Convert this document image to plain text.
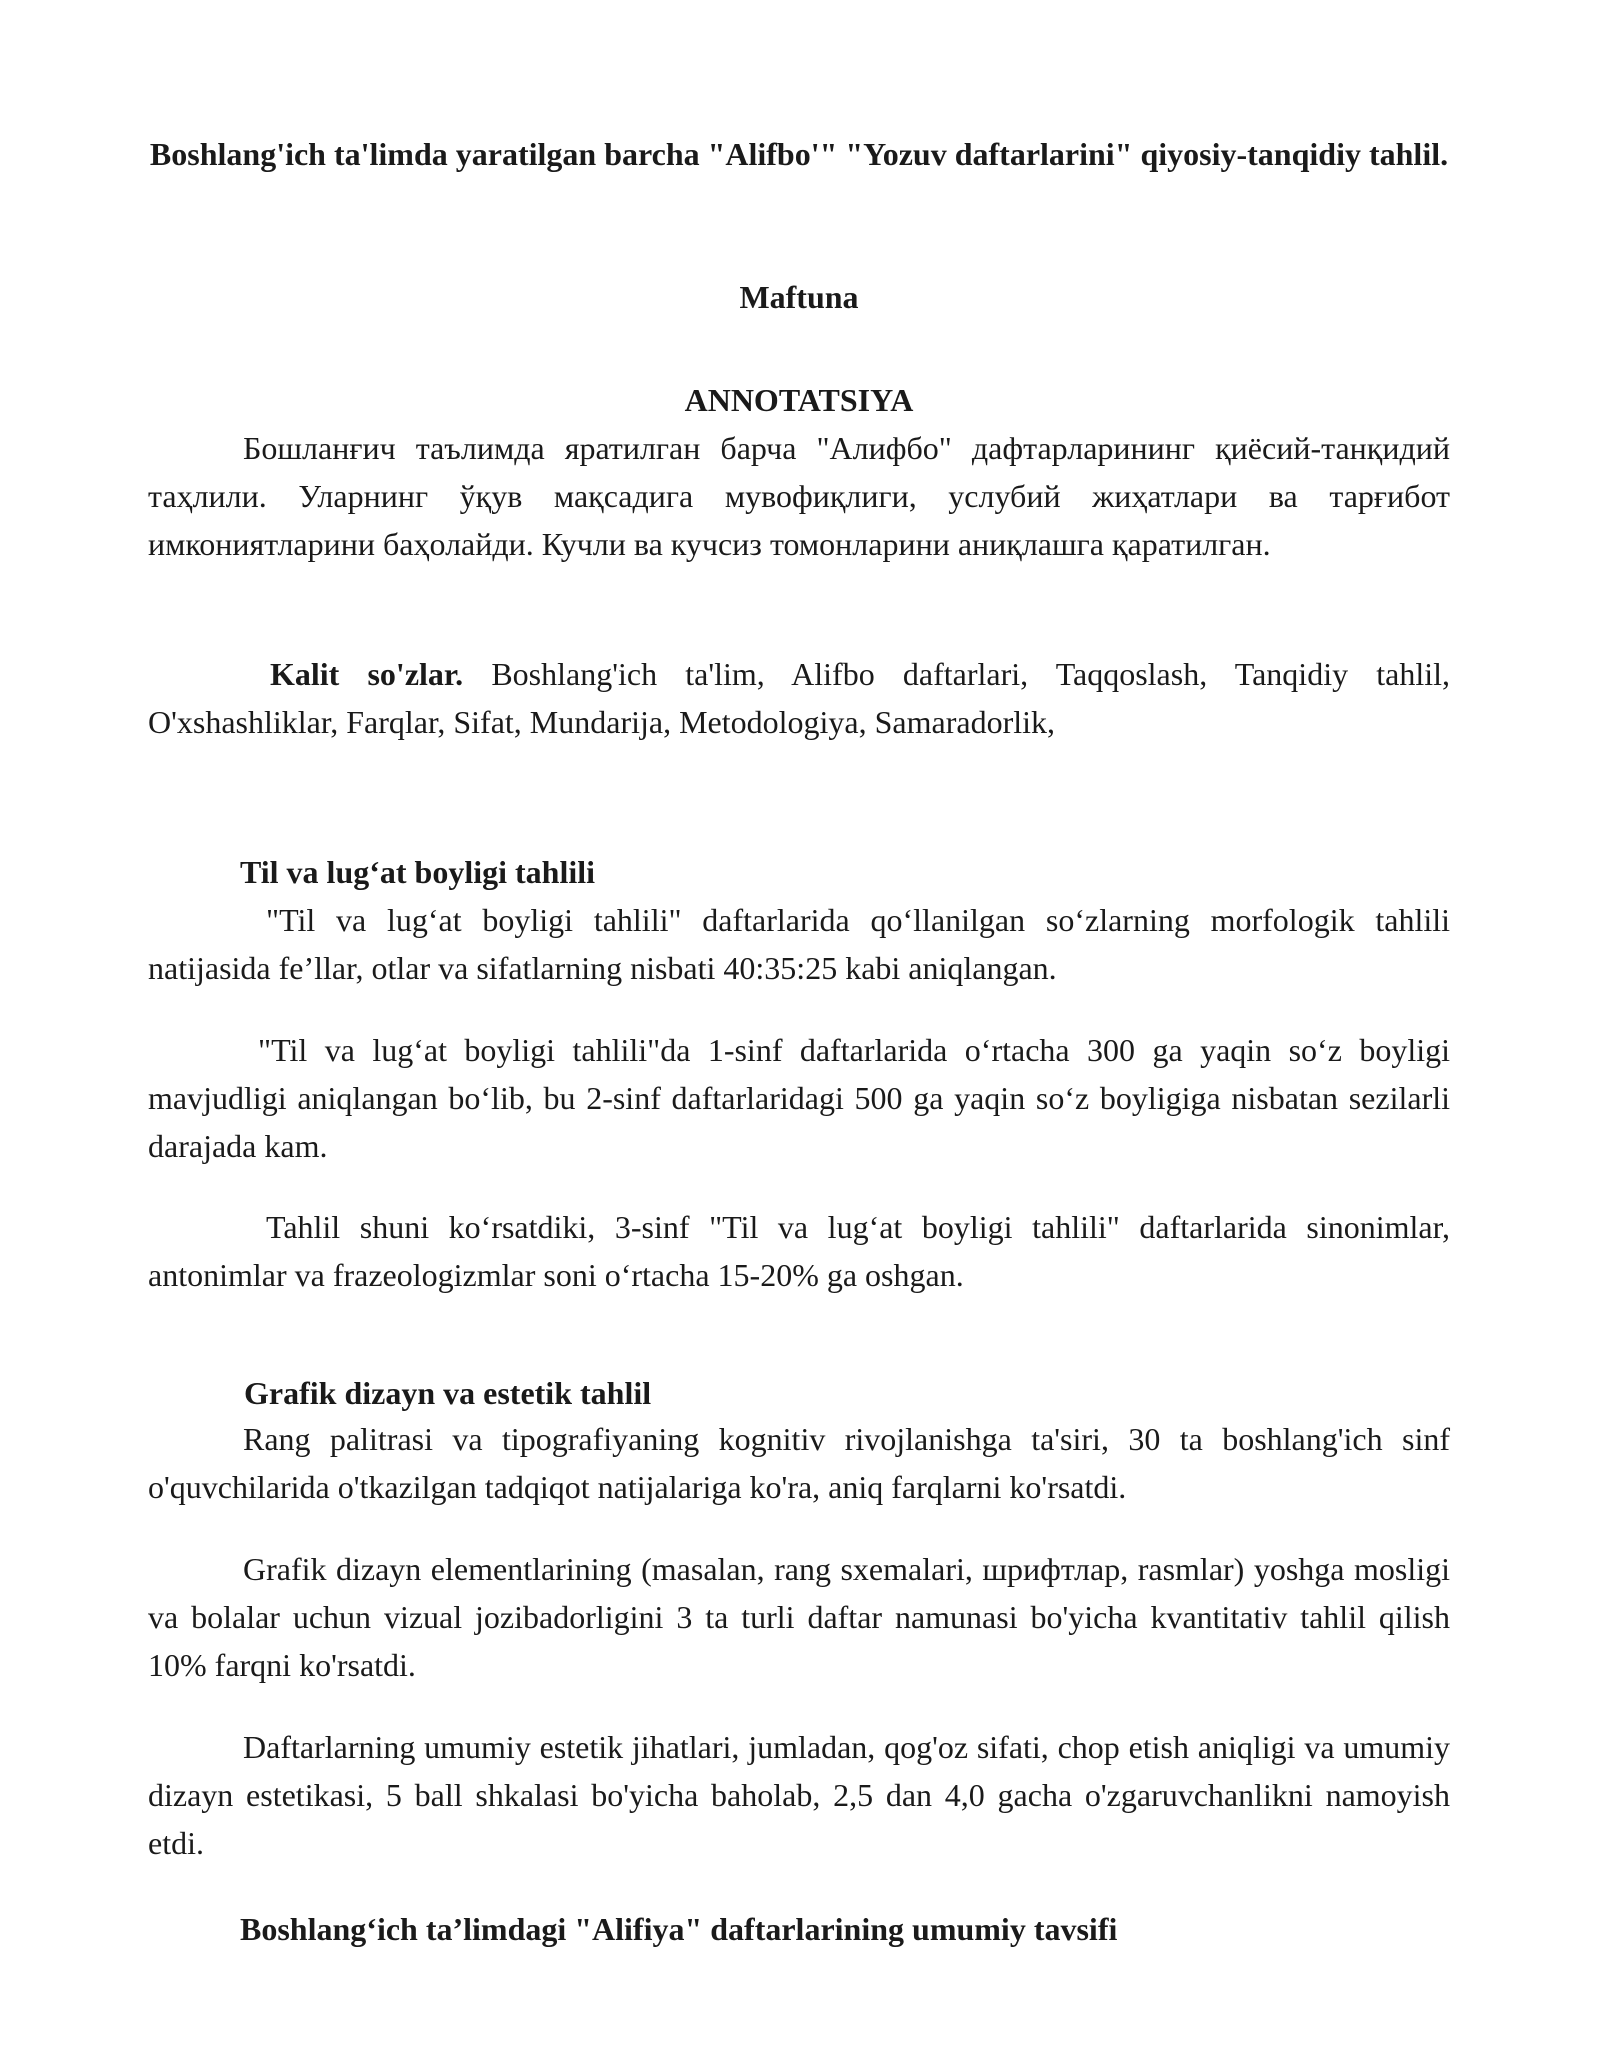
Boshlang'ich ta'limda yaratilgan barcha "Alifbo'" "Yozuv daftarlarini" qiyosiy-tanqidiy tahlil.
Maftuna
ANNOTATSIYA
Бошланғич таълимда яратилган барча "Алифбо" дафтарларининг қиёсий-танқидий таҳлили. Уларнинг ўқув мақсадига мувофиқлиги, услубий жиҳатлари ва тарғибот имкониятларини баҳолайди. Кучли ва кучсиз томонларини аниқлашга қаратилган.
Kalit so'zlar. Boshlang'ich ta'lim, Alifbo daftarlari, Taqqoslash, Tanqidiy tahlil, O'xshashliklar, Farqlar, Sifat, Mundarija, Metodologiya, Samaradorlik,
Til va lug‘at boyligi tahlili
"Til va lug‘at boyligi tahlili" daftarlarida qo‘llanilgan so‘zlarning morfologik tahlili natijasida fe’llar, otlar va sifatlarning nisbati 40:35:25 kabi aniqlangan.
"Til va lug‘at boyligi tahlili"da 1-sinf daftarlarida o‘rtacha 300 ga yaqin so‘z boyligi mavjudligi aniqlangan bo‘lib, bu 2-sinf daftarlaridagi 500 ga yaqin so‘z boyligiga nisbatan sezilarli darajada kam.
Tahlil shuni ko‘rsatdiki, 3-sinf "Til va lug‘at boyligi tahlili" daftarlarida sinonimlar, antonimlar va frazeologizmlar soni o‘rtacha 15-20% ga oshgan.
Grafik dizayn va estetik tahlil
Rang palitrasi va tipografiyaning kognitiv rivojlanishga ta'siri, 30 ta boshlang'ich sinf o'quvchilarida o'tkazilgan tadqiqot natijalariga ko'ra, aniq farqlarni ko'rsatdi.
Grafik dizayn elementlarining (masalan, rang sxemalari, шрифтлар, rasmlar) yoshga mosligi va bolalar uchun vizual jozibadorligini 3 ta turli daftar namunasi bo'yicha kvantitativ tahlil qilish 10% farqni ko'rsatdi.
Daftarlarning umumiy estetik jihatlari, jumladan, qog'oz sifati, chop etish aniqligi va umumiy dizayn estetikasi, 5 ball shkalasi bo'yicha baholab, 2,5 dan 4,0 gacha o'zgaruvchanlikni namoyish etdi.
Boshlang‘ich ta’limdagi "Alifiya" daftarlarining umumiy tavsifi
